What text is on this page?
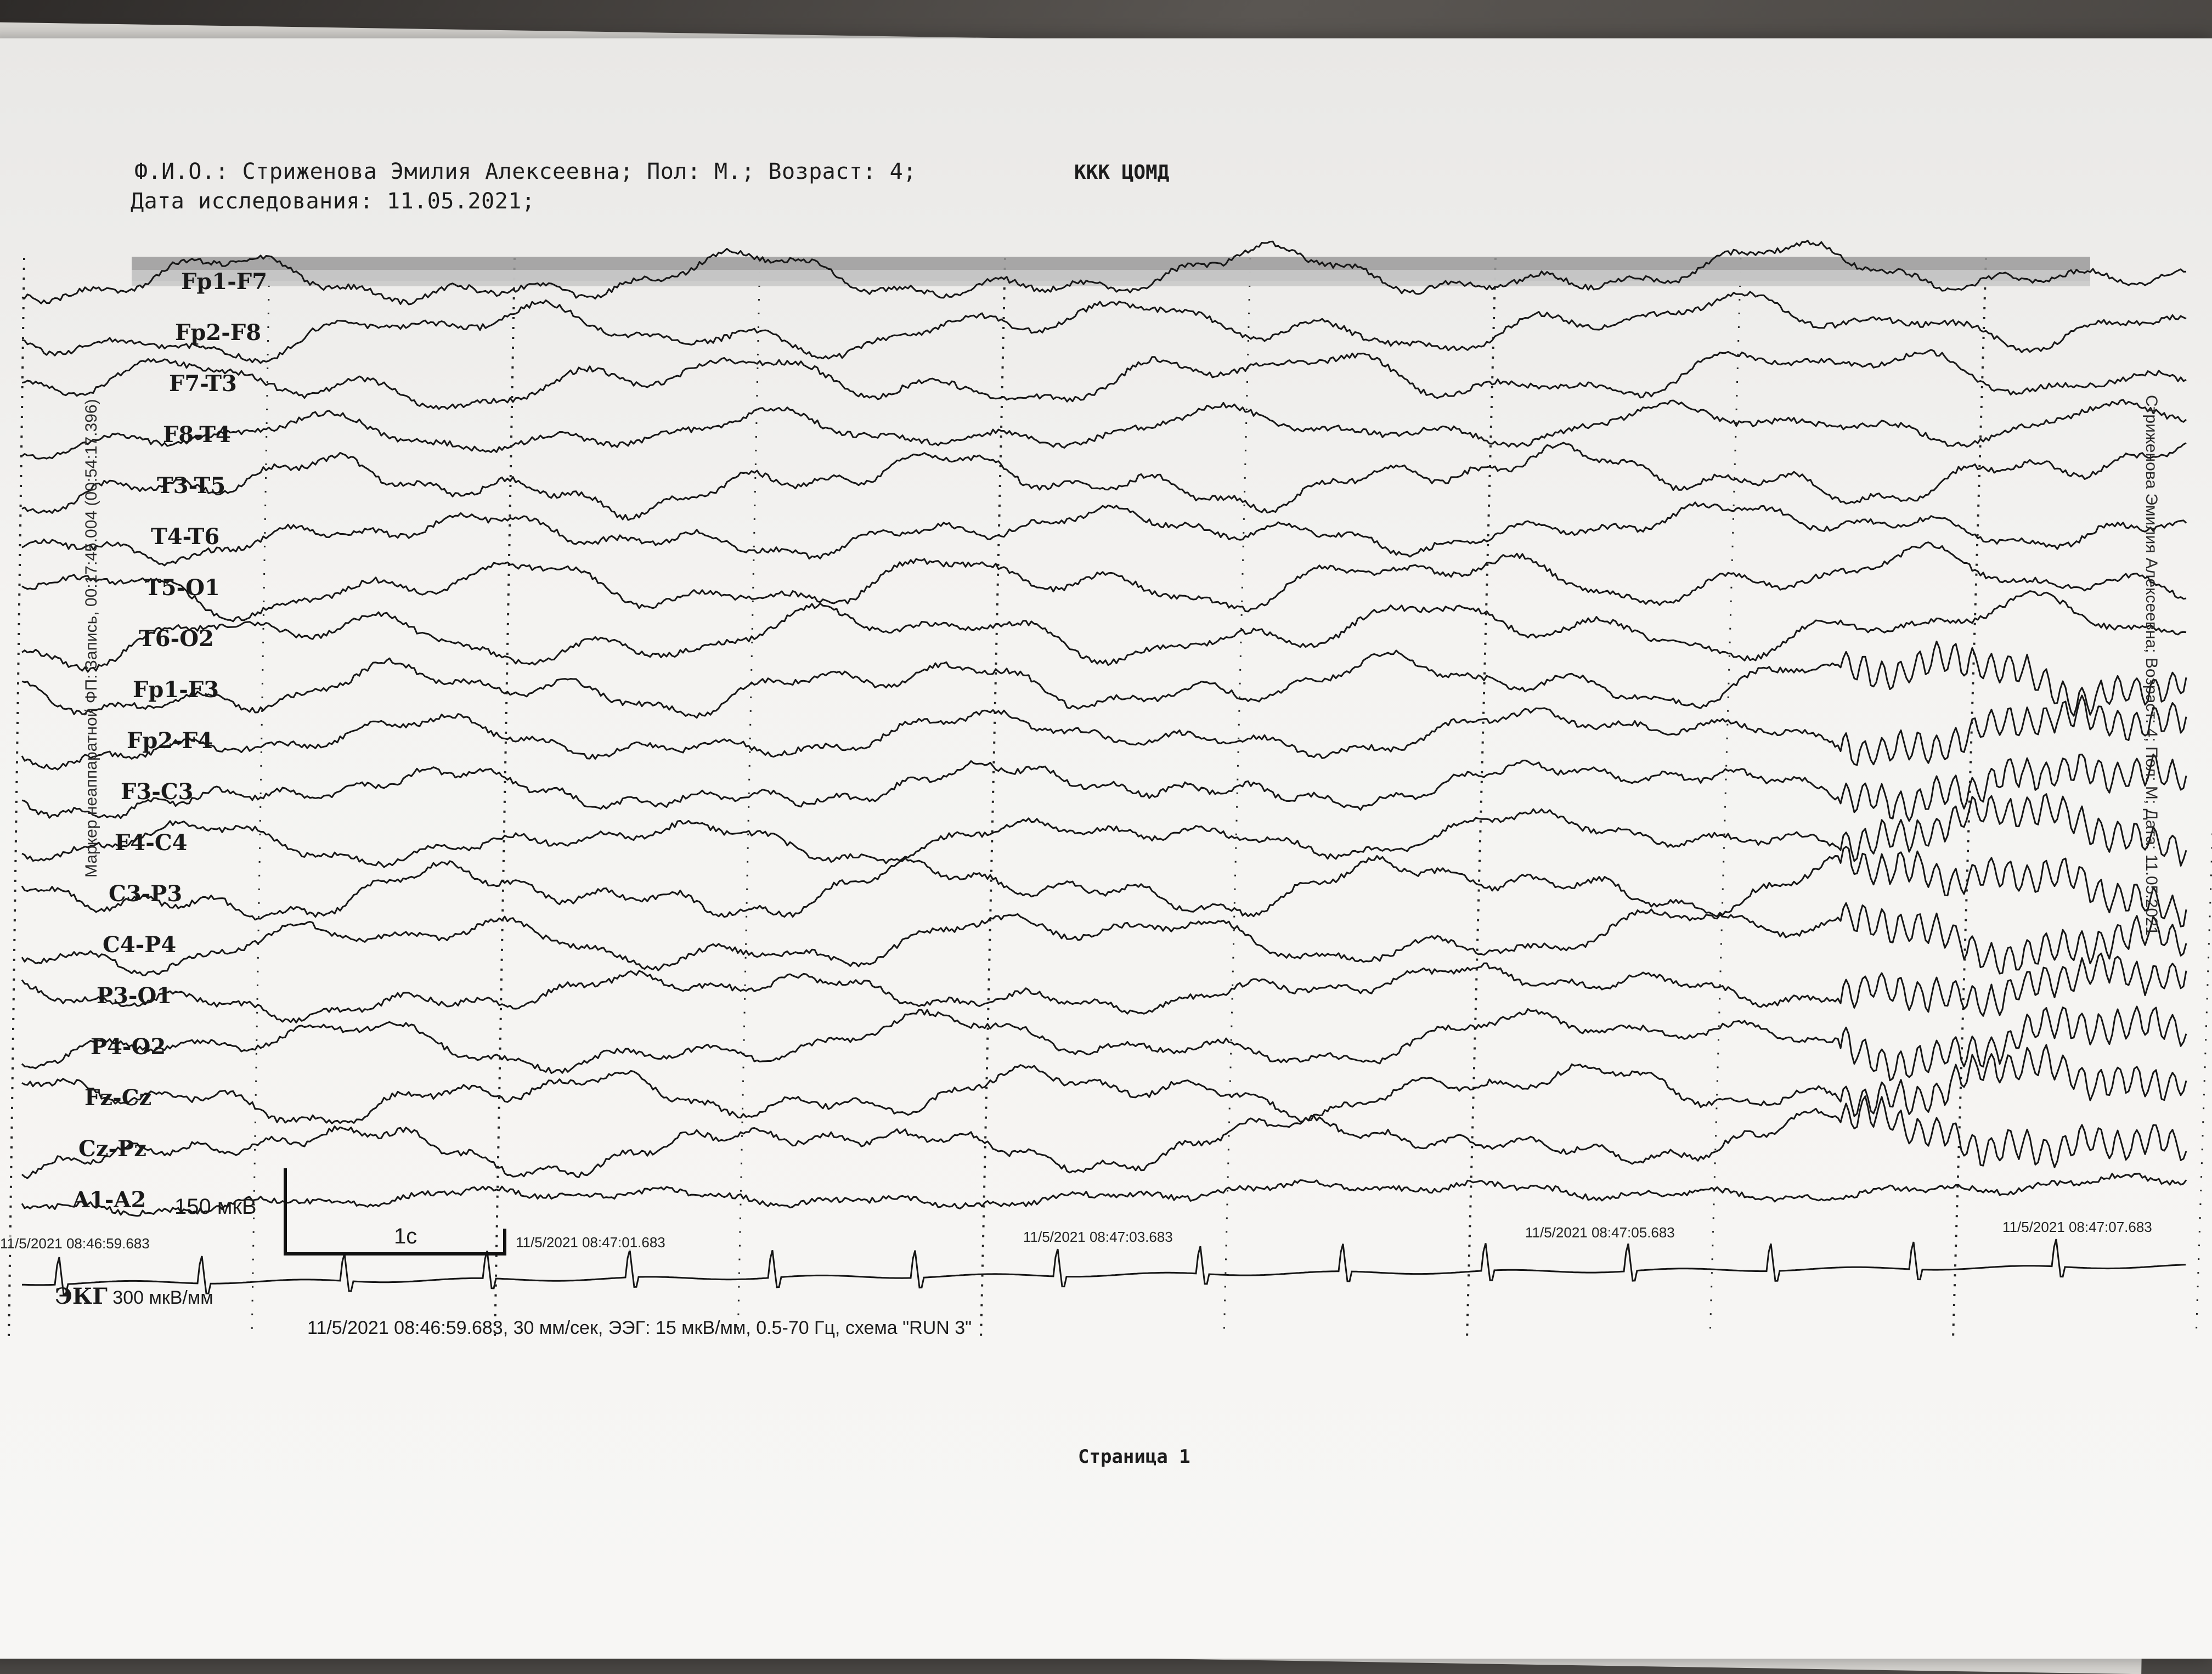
Ф.И.О.: Стриженова Эмилия Алексеевна; Пол: М.; Возраст: 4;
Дата исследования: 11.05.2021;
ККК ЦОМД
Fp1-F7
Fp2-F8
F7-T3
F8-T4
T3-T5
T4-T6
T5-O1
T6-O2
Fp1-F3
Fp2-F4
F3-C3
F4-C4
C3-P3
C4-P4
P3-O1
P4-O2
Fz-Cz
Cz-Pz
A1-A2
11/5/2021 08:46:59.683	11/5/2021 08:47:01.683	11/5/2021 08:47:03.683	11/5/2021 08:47:05.683	11/5/2021 08:47:07.683
Маркер неаппаратной ФП: Запись, 00:17:45.004 (00:54:17.396)	Стриженова Эмилия Алексеевна; Возраст: 4; Пол: М; Дата: 11.05.2021
150 мкВ
1с
ЭКГ 300 мкВ/мм
11/5/2021 08:46:59.683, 30 мм/сек, ЭЭГ: 15 мкВ/мм, 0.5-70 Гц, схема "RUN 3"
Страница 1
